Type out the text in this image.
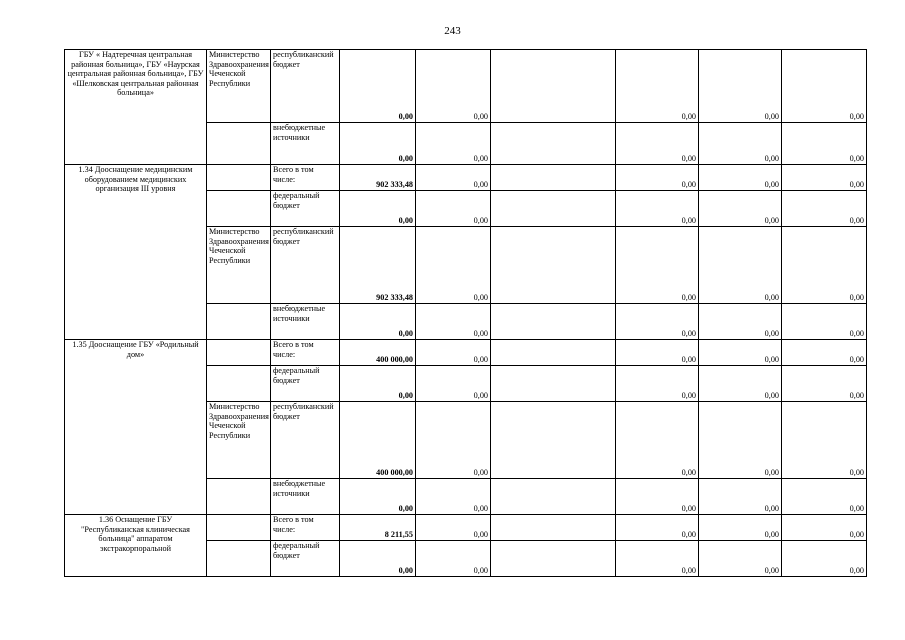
243
ГБУ « Надтеречная центральная районная больница», ГБУ «Наурская центральная районная больница», ГБУ «Шелковская центральная районная больница»	Министерство Здравоохранения Чеченской Республики	республиканский бюджет	0,00	0,00		0,00	0,00	0,00	
		внебюджетные источники	0,00	0,00		0,00	0,00	0,00	
1.34 Дооснащение медицинским оборудованием медицинских организация III уровня		Всего в том числе:	902 333,48	0,00		0,00	0,00	0,00	
		федеральный бюджет	0,00	0,00		0,00	0,00	0,00	
	Министерство Здравоохранения Чеченской Республики	республиканский бюджет	902 333,48	0,00		0,00	0,00	0,00	
		внебюджетные источники	0,00	0,00		0,00	0,00	0,00	
1.35 Дооснащение ГБУ «Родильный дом»		Всего в том числе:	400 000,00	0,00		0,00	0,00	0,00	
		федеральный бюджет	0,00	0,00		0,00	0,00	0,00	
	Министерство Здравоохранения Чеченской Республики	республиканский бюджет	400 000,00	0,00		0,00	0,00	0,00	
		внебюджетные источники	0,00	0,00		0,00	0,00	0,00	
1.36 Оснащение ГБУ "Республиканская клиническая больница" аппаратом экстракорпоральной		Всего в том числе:	8 211,55	0,00		0,00	0,00	0,00	
		федеральный бюджет	0,00	0,00		0,00	0,00	0,00	
